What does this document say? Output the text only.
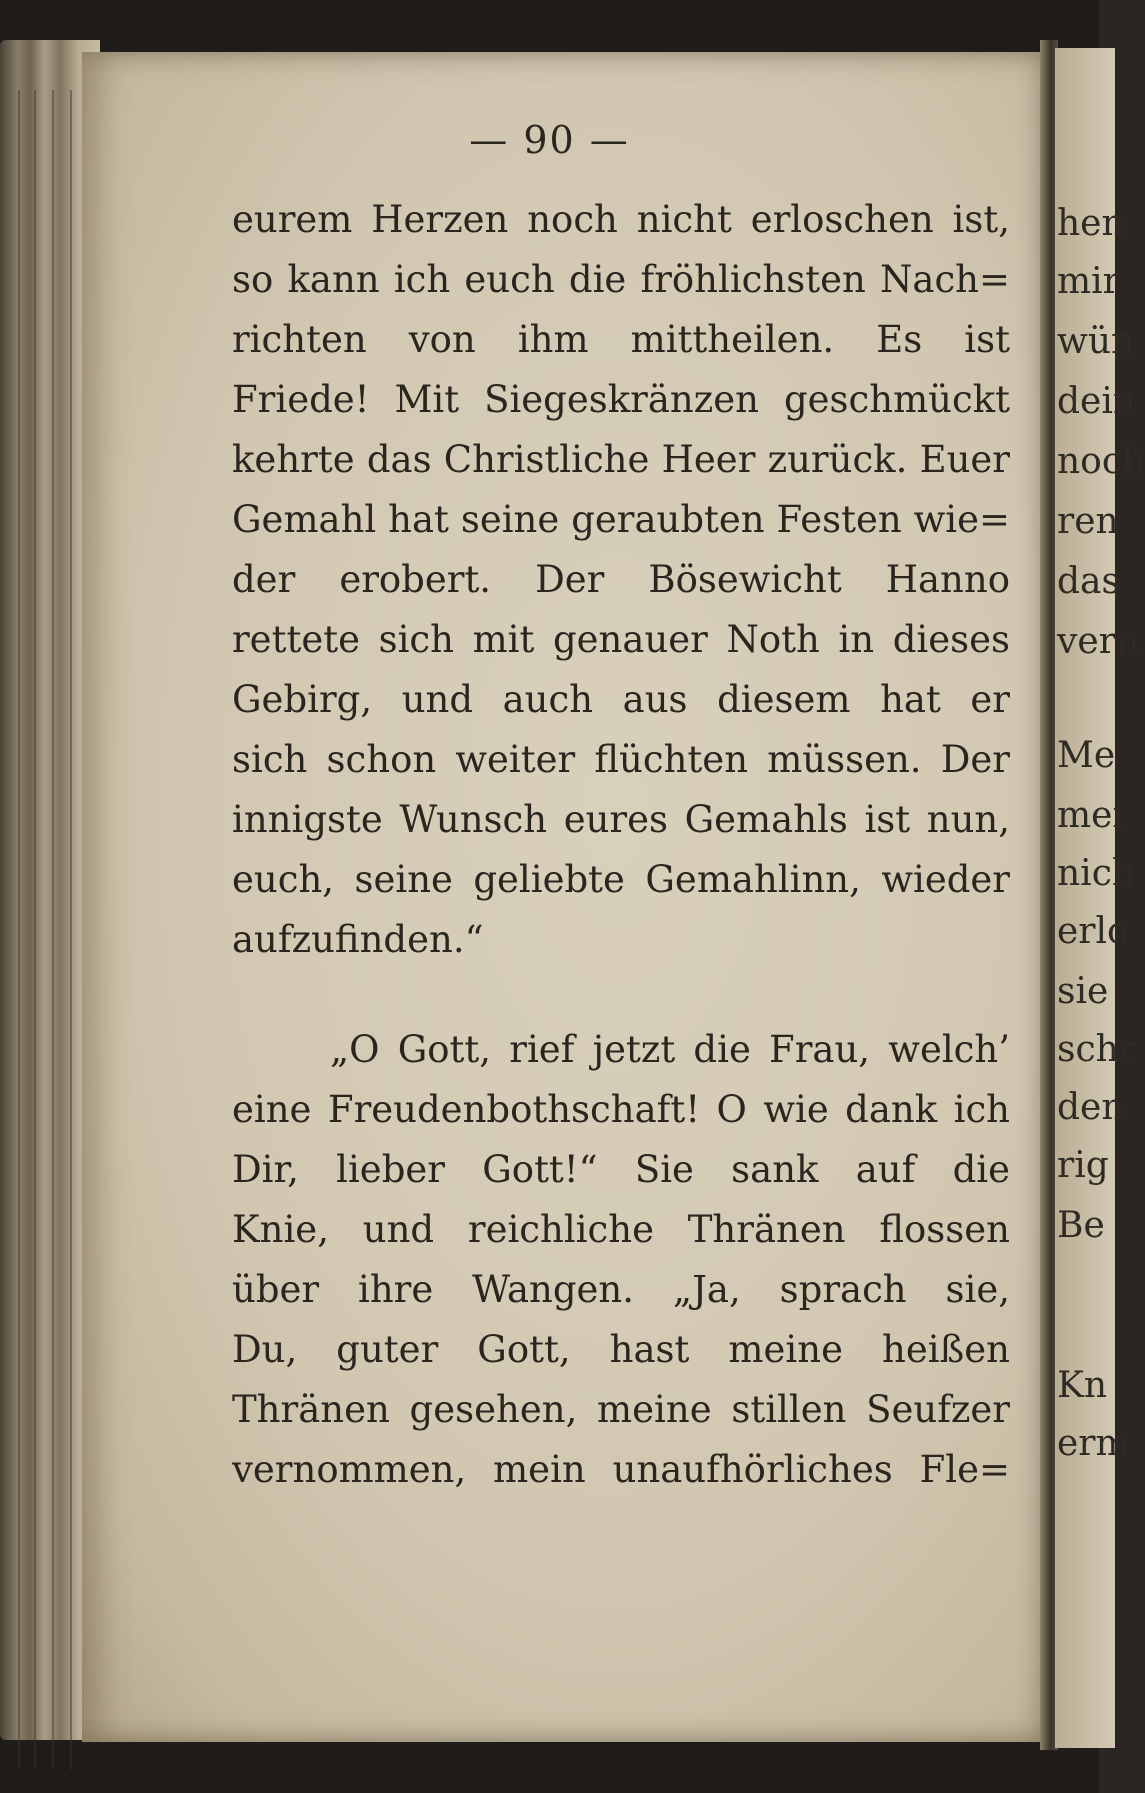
hen
mir
wün
dein
noch
ren
das
vern
Me
mei
nich
erlo
sie
schr
den
rig
Be
Kn
erm
— 90 —
eurem Herzen noch nicht erloschen ist,
so kann ich euch die fröhlichsten Nach=
richten von ihm mittheilen. Es ist
Friede! Mit Siegeskränzen geschmückt
kehrte das Christliche Heer zurück. Euer
Gemahl hat seine geraubten Festen wie=
der erobert. Der Bösewicht Hanno
rettete sich mit genauer Noth in dieses
Gebirg, und auch aus diesem hat er
sich schon weiter flüchten müssen. Der
innigste Wunsch eures Gemahls ist nun,
euch, seine geliebte Gemahlinn, wieder
aufzufinden.“
„O Gott, rief jetzt die Frau, welch’
eine Freudenbothschaft! O wie dank ich
Dir, lieber Gott!“ Sie sank auf die
Knie, und reichliche Thränen flossen
über ihre Wangen. „Ja, sprach sie,
Du, guter Gott, hast meine heißen
Thränen gesehen, meine stillen Seufzer
vernommen, mein unaufhörliches Fle=
